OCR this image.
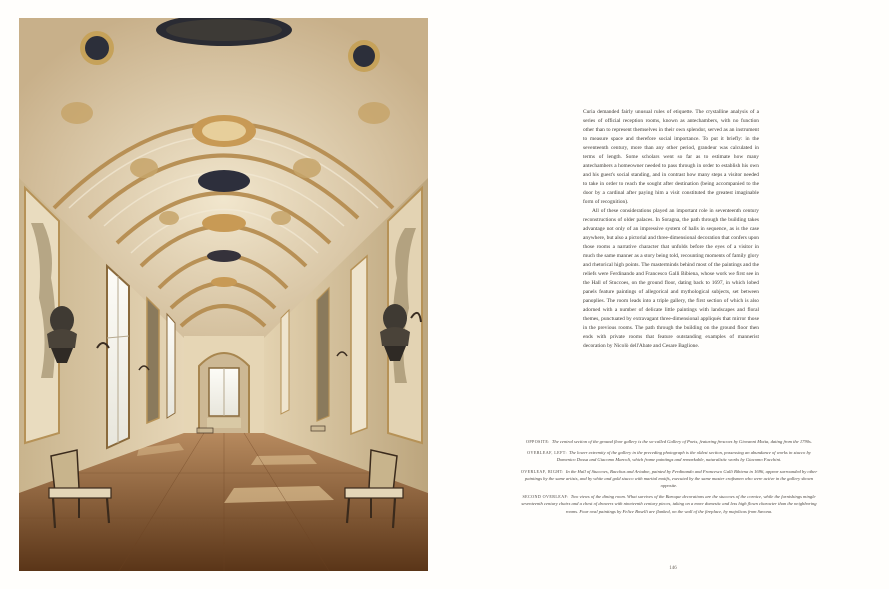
Curia demanded fairly unusual rules of etiquette. The crystalline analysis of a series of official reception rooms, known as antechambers, with no function other than to represent themselves in their own splendor, served as an instrument to measure space and therefore social importance. To put it briefly: in the seventeenth century, more than any other period, grandeur was calculated in terms of length. Some scholars went so far as to estimate how many antechambers a homeowner needed to pass through in order to establish his own and his guest's social standing, and in contrast how many steps a visitor needed to take in order to reach the sought after destination (being accompanied to the door by a cardinal after paying him a visit constituted the greatest imaginable form of recognition).

All of these considerations played an important role in seventeenth century reconstructions of older palaces. In Soragna, the path through the building takes advantage not only of an impressive system of halls in sequence, as is the case anywhere, but also a pictorial and three-dimensional decoration that confers upon those rooms a narrative character that unfolds before the eyes of a visitor in much the same manner as a story being told, recounting moments of family glory and rhetorical high points. The masterminds behind most of the paintings and the reliefs were Ferdinando and Francesco Galli Bibiena, whose work we first see in the Hall of Stuccoes, on the ground floor, dating back to 1697, in which lobed panels feature paintings of allegorical and mythological subjects, set between panoplies. The room leads into a triple gallery, the first section of which is also adorned with a number of delicate little paintings with landscapes and floral themes, punctuated by extravagant three-dimensional appliqués that mirror those in the previous rooms. The path through the building on the ground floor then ends with private rooms that feature outstanding examples of mannerist decoration by Nicolò dell'Abate and Cesare Baglione.

OPPOSITE: The central section of the ground floor gallery is the so-called Gallery of Poets, featuring frescoes by Giovanni Motta, dating from the 1790s.

OVERLEAF, LEFT: The lower extremity of the gallery in the preceding photograph is the oldest section, possessing an abundance of works in stucco by Domenico Dossa and Giacomo Marcoli, which frame paintings and remarkable, naturalistic works by Giacomo Facchini.

OVERLEAF, RIGHT: In the Hall of Stuccoes, Bacchus and Ariadne, painted by Ferdinando and Francesco Galli Bibiena in 1696, appear surrounded by other paintings by the same artists, and by white and gold stucco with martial motifs, executed by the same master craftsmen who were active in the gallery shown opposite.

SECOND OVERLEAF: Two views of the dining room. What survives of the Baroque decorations are the stuccoes of the cornice, while the furnishings mingle seventeenth century chairs and a chest of drawers with nineteenth century pieces, taking on a more domestic and less high flown character than the neighboring rooms. Four oval paintings by Felice Boselli are flanked, on the wall of the fireplace, by majolicas from Savona.

146
